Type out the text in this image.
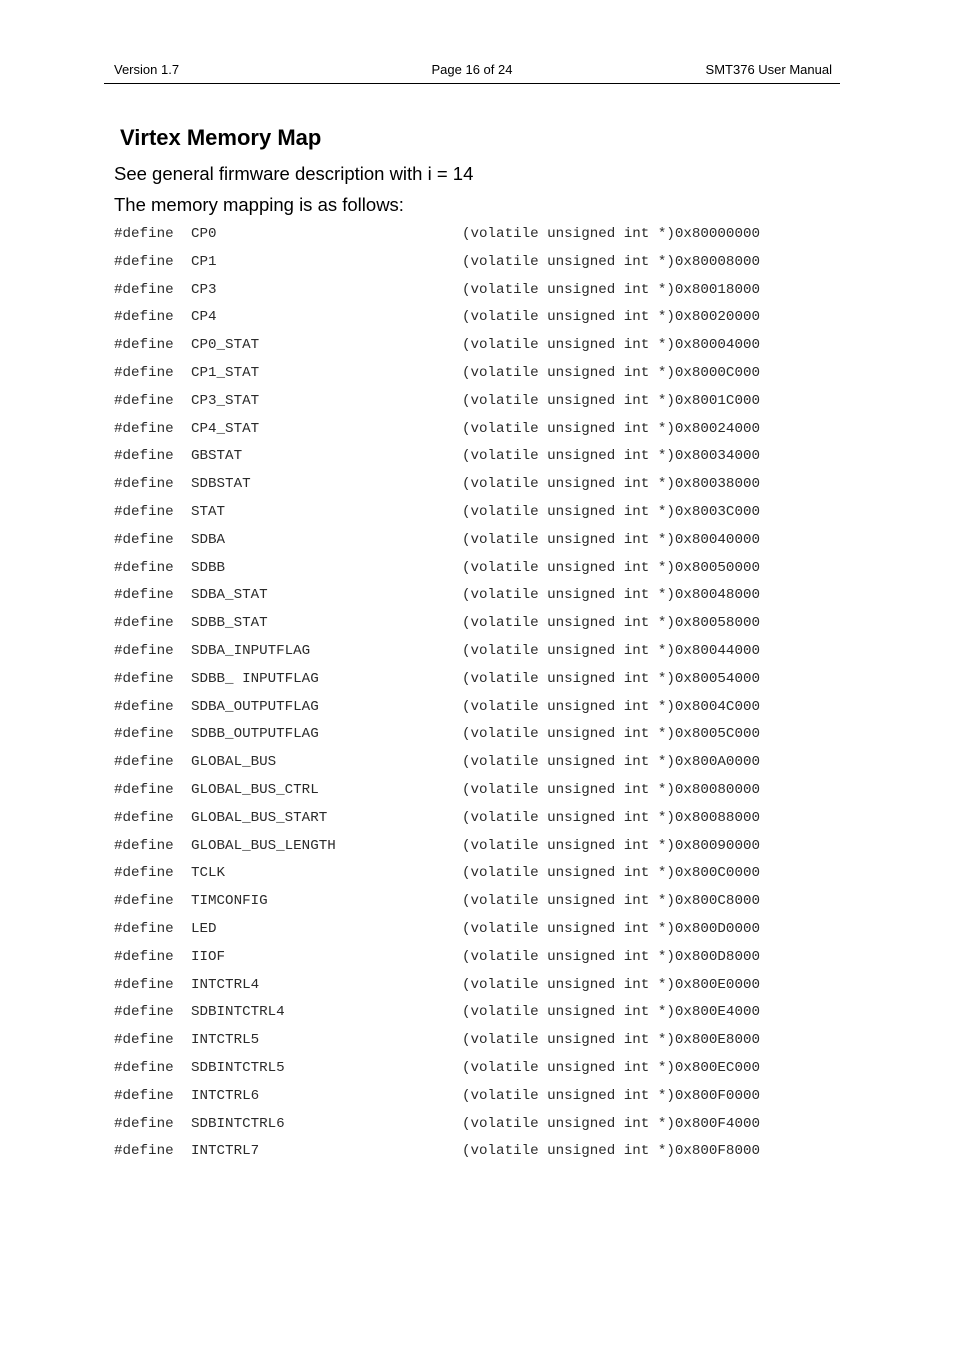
Version 1.7	Page 16 of 24	SMT376 User Manual
Virtex Memory Map

See general firmware description with i = 14

The memory mapping is as follows:

#define CP0	(volatile unsigned int *)0x80000000
#define CP1	(volatile unsigned int *)0x80008000
#define CP3	(volatile unsigned int *)0x80018000
#define CP4	(volatile unsigned int *)0x80020000
#define CP0_STAT	(volatile unsigned int *)0x80004000
#define CP1_STAT	(volatile unsigned int *)0x8000C000
#define CP3_STAT	(volatile unsigned int *)0x8001C000
#define CP4_STAT	(volatile unsigned int *)0x80024000
#define GBSTAT	(volatile unsigned int *)0x80034000
#define SDBSTAT	(volatile unsigned int *)0x80038000
#define STAT	(volatile unsigned int *)0x8003C000
#define SDBA	(volatile unsigned int *)0x80040000
#define SDBB	(volatile unsigned int *)0x80050000
#define SDBA_STAT	(volatile unsigned int *)0x80048000
#define SDBB_STAT	(volatile unsigned int *)0x80058000
#define SDBA_INPUTFLAG	(volatile unsigned int *)0x80044000
#define SDBB_ INPUTFLAG	(volatile unsigned int *)0x80054000
#define SDBA_OUTPUTFLAG	(volatile unsigned int *)0x8004C000
#define SDBB_OUTPUTFLAG	(volatile unsigned int *)0x8005C000
#define GLOBAL_BUS	(volatile unsigned int *)0x800A0000
#define GLOBAL_BUS_CTRL	(volatile unsigned int *)0x80080000
#define GLOBAL_BUS_START	(volatile unsigned int *)0x80088000
#define GLOBAL_BUS_LENGTH	(volatile unsigned int *)0x80090000
#define TCLK	(volatile unsigned int *)0x800C0000
#define TIMCONFIG	(volatile unsigned int *)0x800C8000
#define LED	(volatile unsigned int *)0x800D0000
#define IIOF	(volatile unsigned int *)0x800D8000
#define INTCTRL4	(volatile unsigned int *)0x800E0000
#define SDBINTCTRL4	(volatile unsigned int *)0x800E4000
#define INTCTRL5	(volatile unsigned int *)0x800E8000
#define SDBINTCTRL5	(volatile unsigned int *)0x800EC000
#define INTCTRL6	(volatile unsigned int *)0x800F0000
#define SDBINTCTRL6	(volatile unsigned int *)0x800F4000
#define INTCTRL7	(volatile unsigned int *)0x800F8000
